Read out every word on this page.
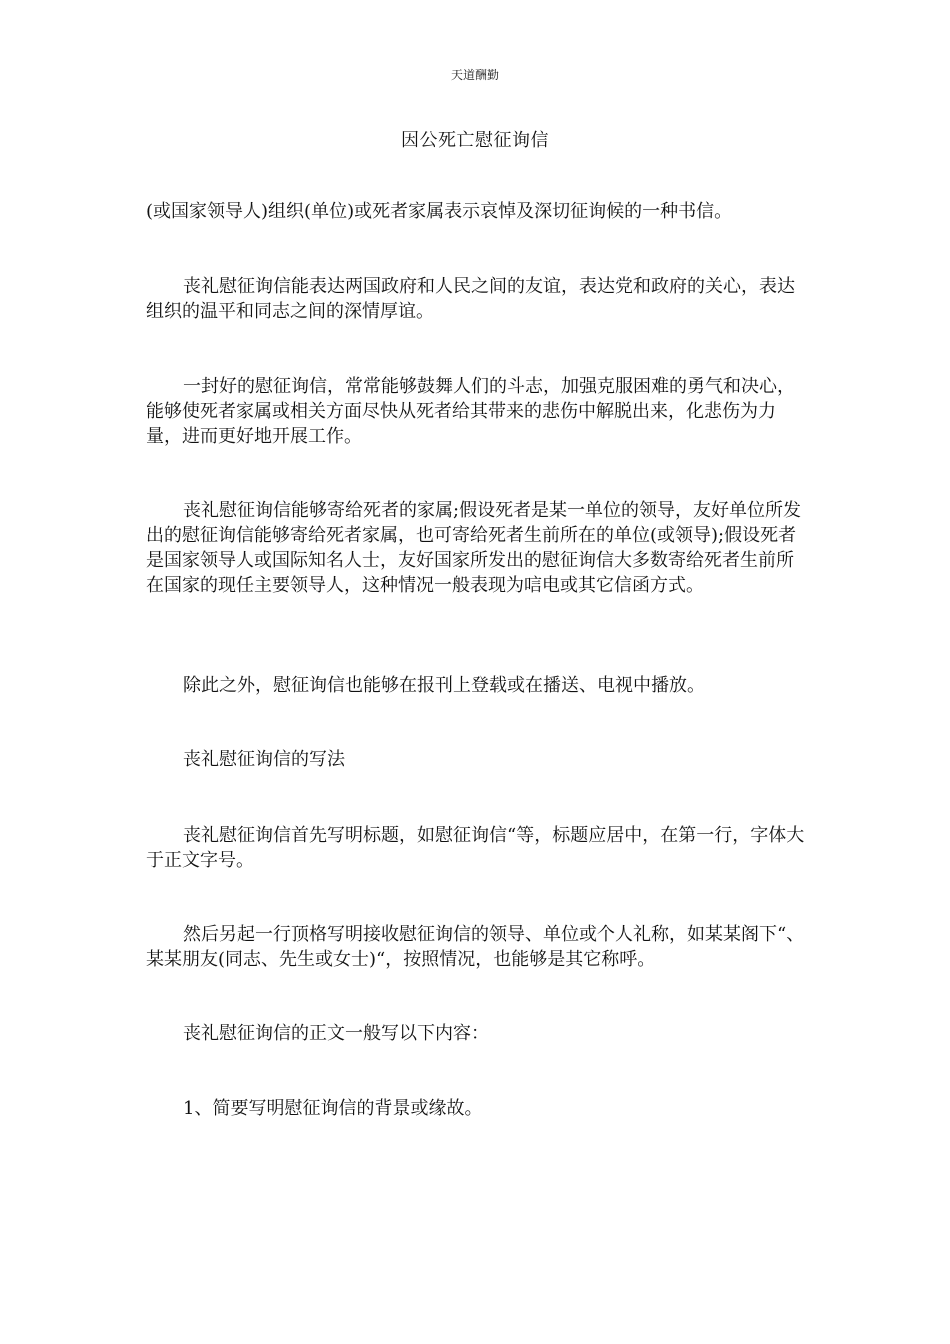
天道酬勤
因公死亡慰征询信

(或国家领导人)组织(单位)或死者家属表示哀悼及深切征询候的一种书信。

丧礼慰征询信能表达两国政府和人民之间的友谊，表达党和政府的关心，表达组织的温平和同志之间的深情厚谊。

一封好的慰征询信，常常能够鼓舞人们的斗志，加强克服困难的勇气和决心，能够使死者家属或相关方面尽快从死者给其带来的悲伤中解脱出来，化悲伤为力量，进而更好地开展工作。

丧礼慰征询信能够寄给死者的家属;假设死者是某一单位的领导，友好单位所发出的慰征询信能够寄给死者家属，也可寄给死者生前所在的单位(或领导);假设死者是国家领导人或国际知名人士，友好国家所发出的慰征询信大多数寄给死者生前所在国家的现任主要领导人，这种情况一般表现为唁电或其它信函方式。

除此之外，慰征询信也能够在报刊上登载或在播送、电视中播放。

丧礼慰征询信的写法

丧礼慰征询信首先写明标题，如慰征询信“等，标题应居中，在第一行，字体大于正文字号。

然后另起一行顶格写明接收慰征询信的领导、单位或个人礼称，如某某阁下“、某某朋友(同志、先生或女士)“，按照情况，也能够是其它称呼。

丧礼慰征询信的正文一般写以下内容：

1、简要写明慰征询信的背景或缘故。
